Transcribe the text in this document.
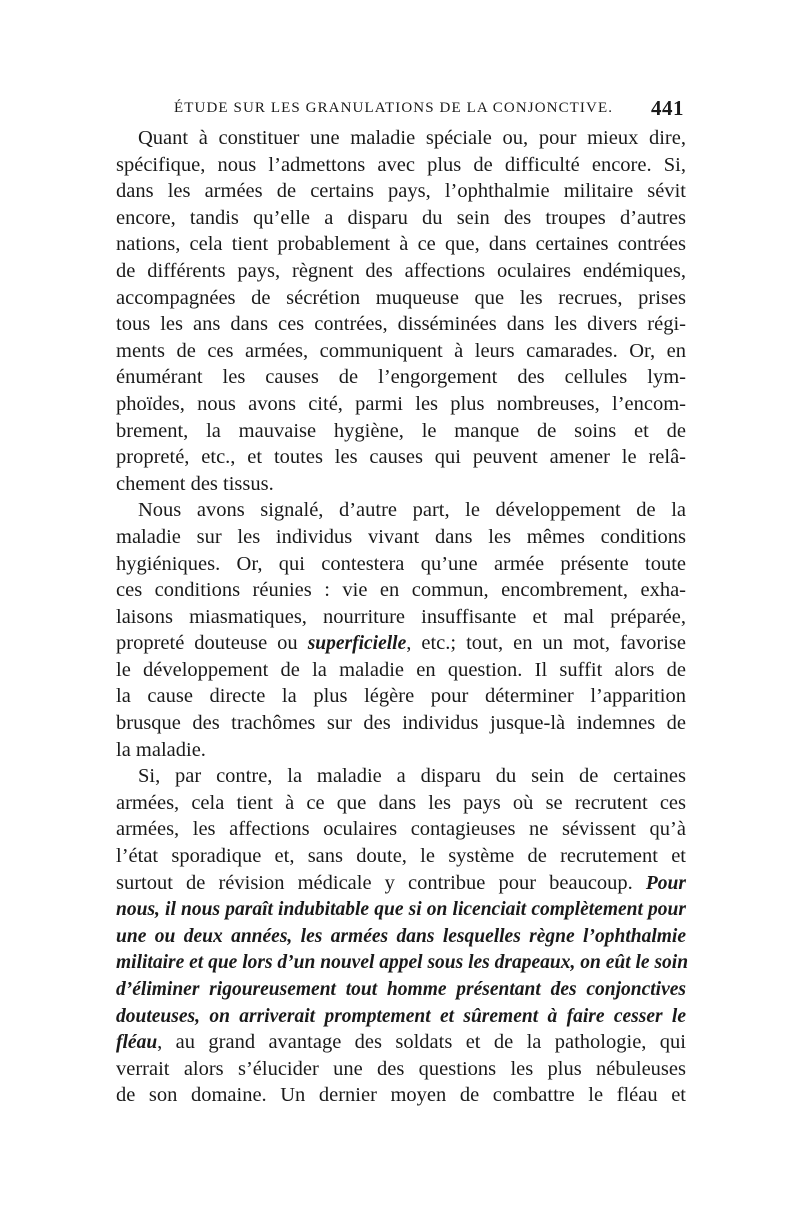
ÉTUDE SUR LES GRANULATIONS DE LA CONJONCTIVE. 441
Quant à constituer une maladie spéciale ou, pour mieux dire,
spécifique, nous l’admettons avec plus de difficulté encore. Si,
dans les armées de certains pays, l’ophthalmie militaire sévit
encore, tandis qu’elle a disparu du sein des troupes d’autres
nations, cela tient probablement à ce que, dans certaines contrées
de différents pays, règnent des affections oculaires endémiques,
accompagnées de sécrétion muqueuse que les recrues, prises
tous les ans dans ces contrées, disséminées dans les divers régi-
ments de ces armées, communiquent à leurs camarades. Or, en
énumérant les causes de l’engorgement des cellules lym-
phoïdes, nous avons cité, parmi les plus nombreuses, l’encom-
brement, la mauvaise hygiène, le manque de soins et de
propreté, etc., et toutes les causes qui peuvent amener le relâ-
chement des tissus.
Nous avons signalé, d’autre part, le développement de la
maladie sur les individus vivant dans les mêmes conditions
hygiéniques. Or, qui contestera qu’une armée présente toute
ces conditions réunies : vie en commun, encombrement, exha-
laisons miasmatiques, nourriture insuffisante et mal préparée,
propreté douteuse ou superficielle, etc.; tout, en un mot, favorise
le développement de la maladie en question. Il suffit alors de
la cause directe la plus légère pour déterminer l’apparition
brusque des trachômes sur des individus jusque-là indemnes de
la maladie.
Si, par contre, la maladie a disparu du sein de certaines
armées, cela tient à ce que dans les pays où se recrutent ces
armées, les affections oculaires contagieuses ne sévissent qu’à
l’état sporadique et, sans doute, le système de recrutement et
surtout de révision médicale y contribue pour beaucoup. Pour
nous, il nous paraît indubitable que si on licenciait complètement pour
une ou deux années, les armées dans lesquelles règne l’ophthalmie
militaire et que lors d’un nouvel appel sous les drapeaux, on eût le soin
d’éliminer rigoureusement tout homme présentant des conjonctives
douteuses, on arriverait promptement et sûrement à faire cesser le
fléau, au grand avantage des soldats et de la pathologie, qui
verrait alors s’élucider une des questions les plus nébuleuses
de son domaine. Un dernier moyen de combattre le fléau et
